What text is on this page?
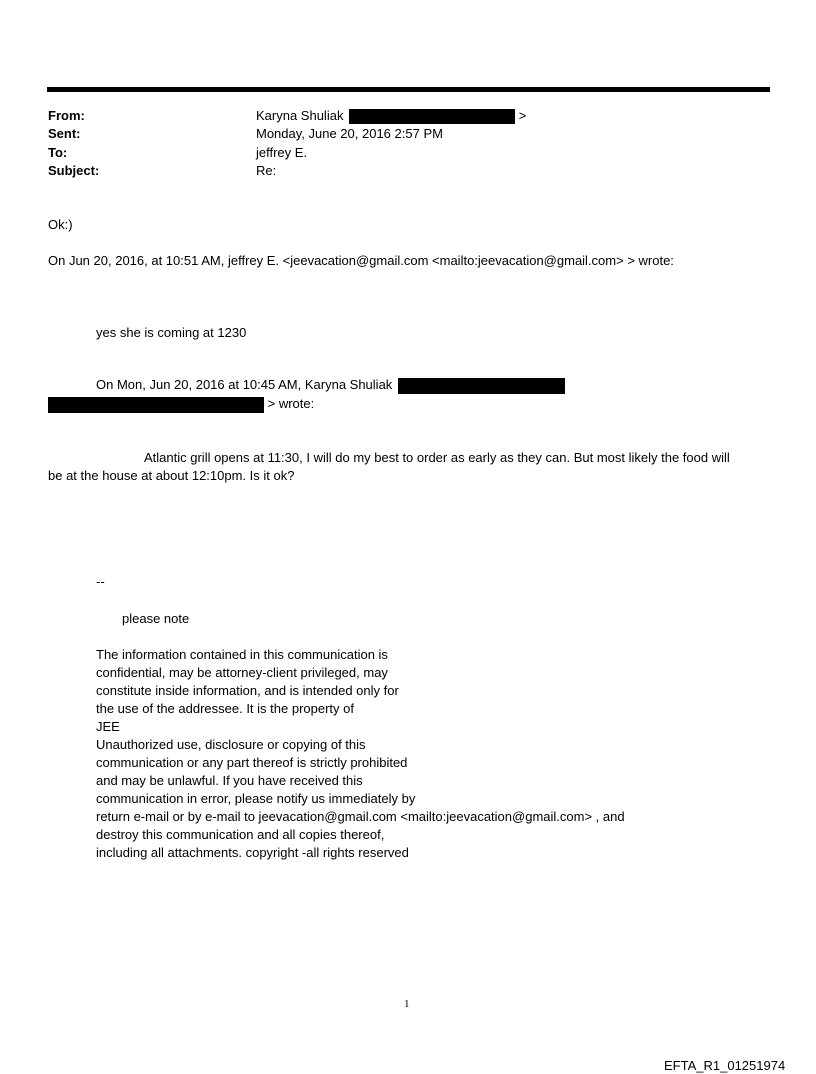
From:
Sent:
To:
Subject:
Karyna Shuliak	>
Monday, June 20, 2016 2:57 PM
jeffrey E.
Re:
Ok:)
On Jun 20, 2016, at 10:51 AM, jeffrey E. <jeevacation@gmail.com <mailto:jeevacation@gmail.com> > wrote:
yes she is coming at 1230
On Mon, Jun 20, 2016 at 10:45 AM, Karyna Shuliak
> wrote:
Atlantic grill opens at 11:30, I will do my best to order as early as they can. But most likely the food will
be at the house at about 12:10pm. Is it ok?
--
please note
The information contained in this communication is
confidential, may be attorney-client privileged, may
constitute inside information, and is intended only for
the use of the addressee. It is the property of
JEE
Unauthorized use, disclosure or copying of this
communication or any part thereof is strictly prohibited
and may be unlawful. If you have received this
communication in error, please notify us immediately by
return e-mail or by e-mail to jeevacation@gmail.com <mailto:jeevacation@gmail.com> , and
destroy this communication and all copies thereof,
including all attachments. copyright -all rights reserved
1
EFTA_R1_01251974
